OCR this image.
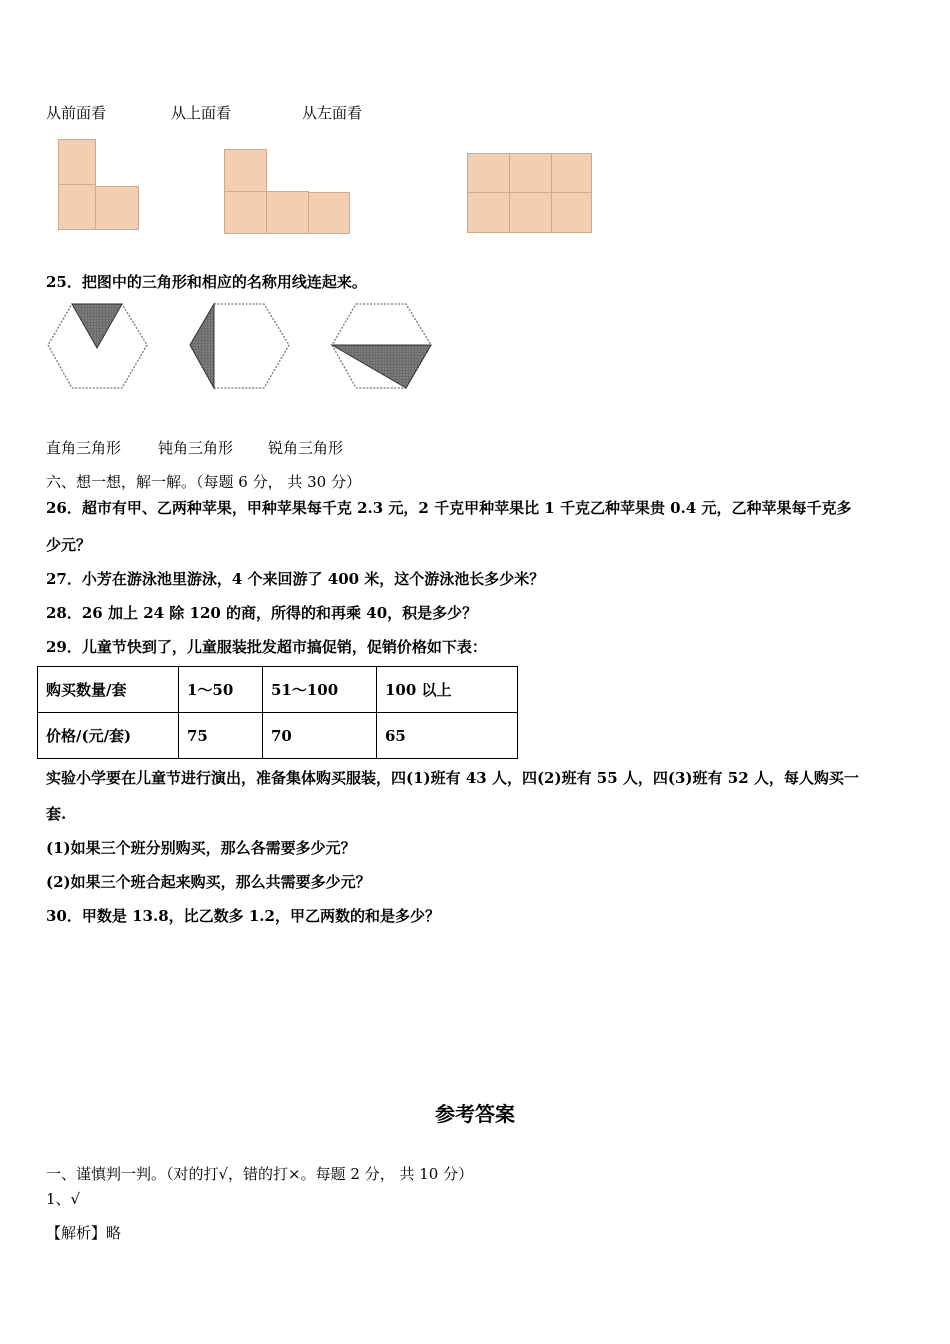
从前面看	从上面看	从左面看
25．把图中的三角形和相应的名称用线连起来。
直角三角形 钝角三角形 锐角三角形
六、想一想，解一解。（每题 6 分， 共 30 分）
26．超市有甲、乙两种苹果，甲种苹果每千克 2.3 元，2 千克甲种苹果比 1 千克乙种苹果贵 0.4 元，乙种苹果每千克多
少元？
27．小芳在游泳池里游泳，4 个来回游了 400 米，这个游泳池长多少米？
28．26 加上 24 除 120 的商，所得的和再乘 40，积是多少？
29．儿童节快到了，儿童服装批发超市搞促销，促销价格如下表：
购买数量/套	1～50	51～100	100 以上
价格/(元/套)	75	70	65
实验小学要在儿童节进行演出，准备集体购买服装，四(1)班有 43 人，四(2)班有 55 人，四(3)班有 52 人，每人购买一
套.
(1)如果三个班分别购买，那么各需要多少元？
(2)如果三个班合起来购买，那么共需要多少元？
30．甲数是 13.8，比乙数多 1.2，甲乙两数的和是多少？
参考答案
一、谨慎判一判。（对的打√，错的打×。每题 2 分， 共 10 分）
1、√
【解析】略
